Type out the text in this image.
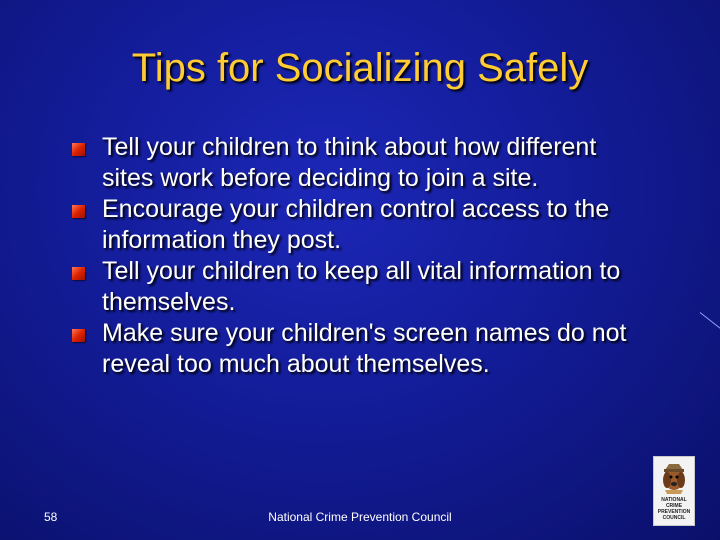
Tips for Socializing Safely
Tell your children to think about how different sites work before deciding to join a site.
Encourage your children control access to the information they post.
Tell your children to keep all vital information to themselves.
Make sure your children's screen names do not reveal too much about themselves.
58	National Crime Prevention Council
NATIONAL
CRIME
PREVENTION
COUNCIL
